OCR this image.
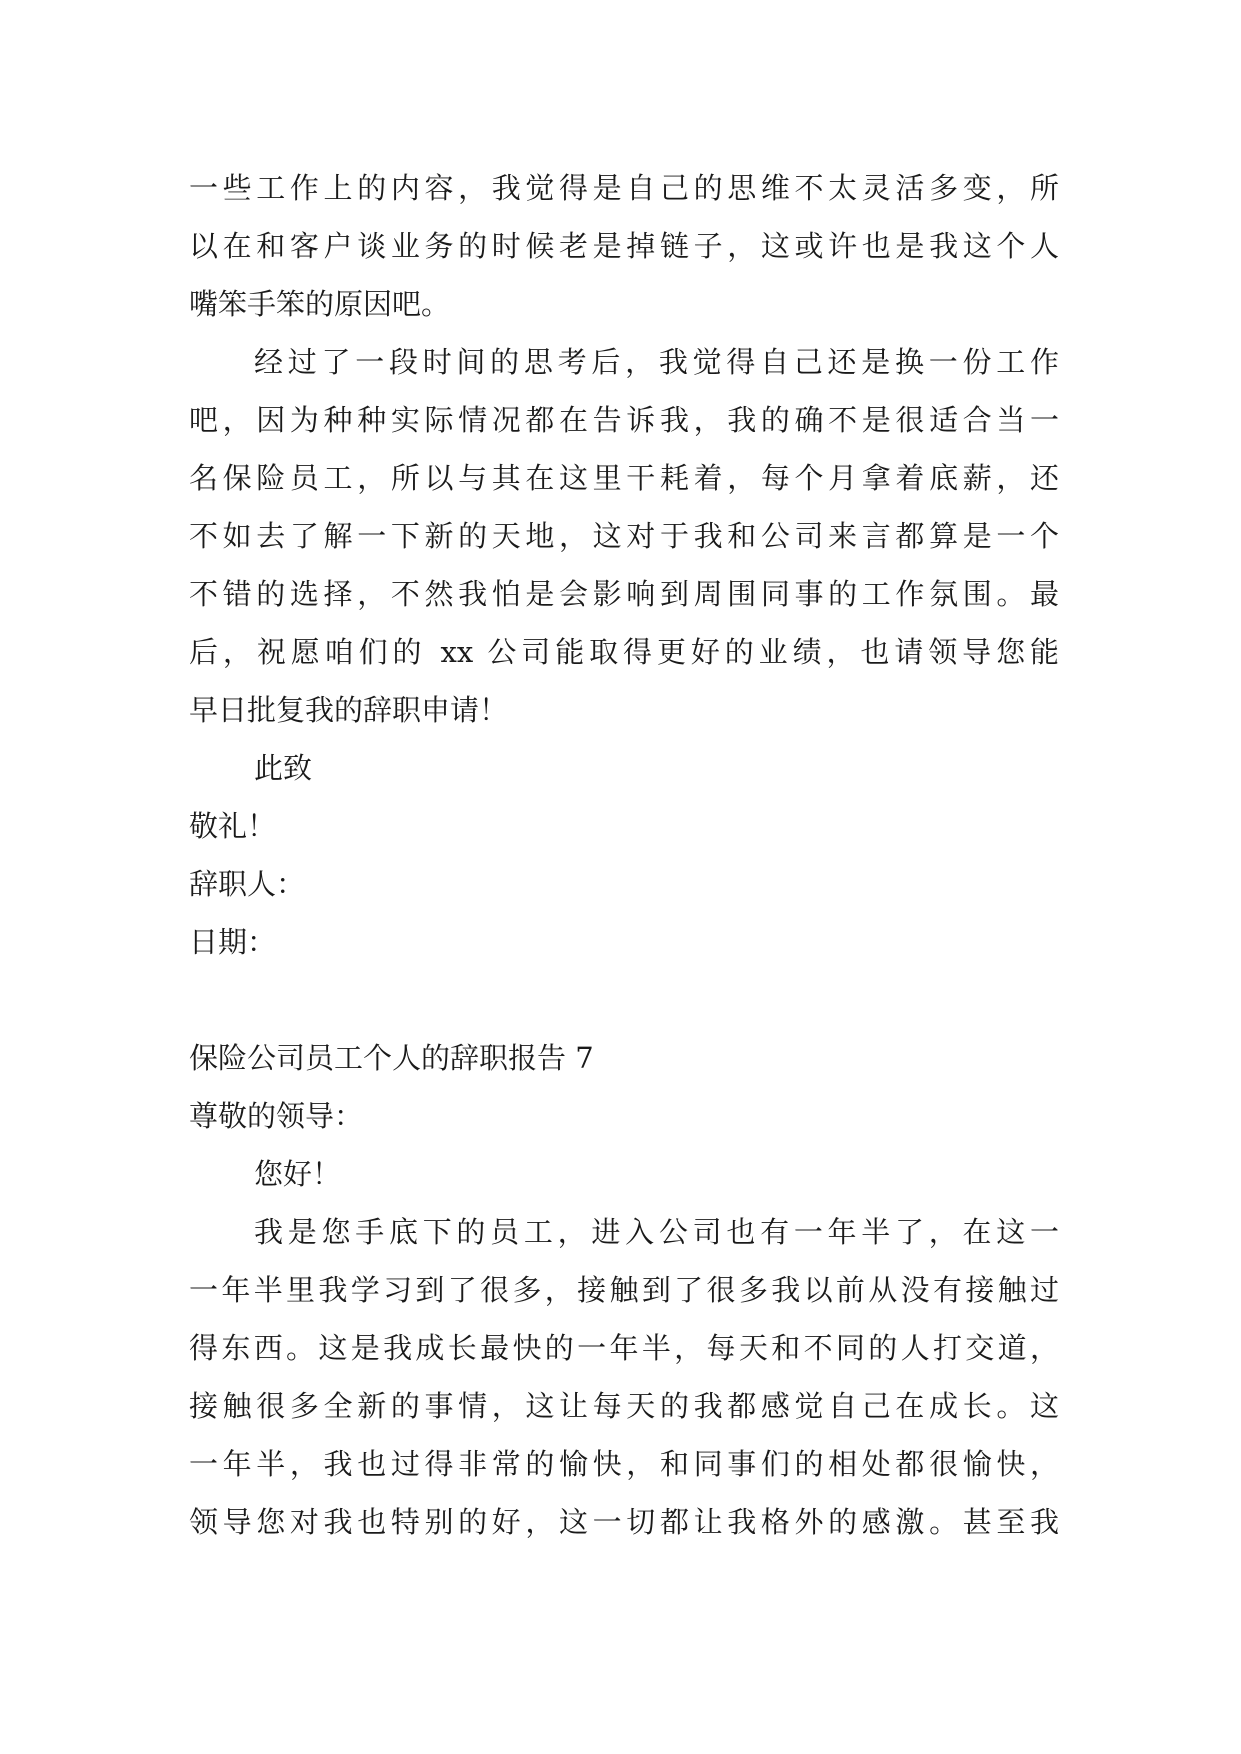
一些工作上的内容，我觉得是自己的思维不太灵活多变，所
以在和客户谈业务的时候老是掉链子，这或许也是我这个人
嘴笨手笨的原因吧。
经过了一段时间的思考后，我觉得自己还是换一份工作
吧，因为种种实际情况都在告诉我，我的确不是很适合当一
名保险员工，所以与其在这里干耗着，每个月拿着底薪，还
不如去了解一下新的天地，这对于我和公司来言都算是一个
不错的选择，不然我怕是会影响到周围同事的工作氛围。最
后，祝愿咱们的 xx 公司能取得更好的业绩，也请领导您能
早日批复我的辞职申请！
此致
敬礼！
辞职人：
日期：
保险公司员工个人的辞职报告 7
尊敬的领导：
您好！
我是您手底下的员工，进入公司也有一年半了，在这一
一年半里我学习到了很多，接触到了很多我以前从没有接触过
得东西。这是我成长最快的一年半，每天和不同的人打交道，
接触很多全新的事情，这让每天的我都感觉自己在成长。这
一年半，我也过得非常的愉快，和同事们的相处都很愉快，
领导您对我也特别的好，这一切都让我格外的感激。甚至我
